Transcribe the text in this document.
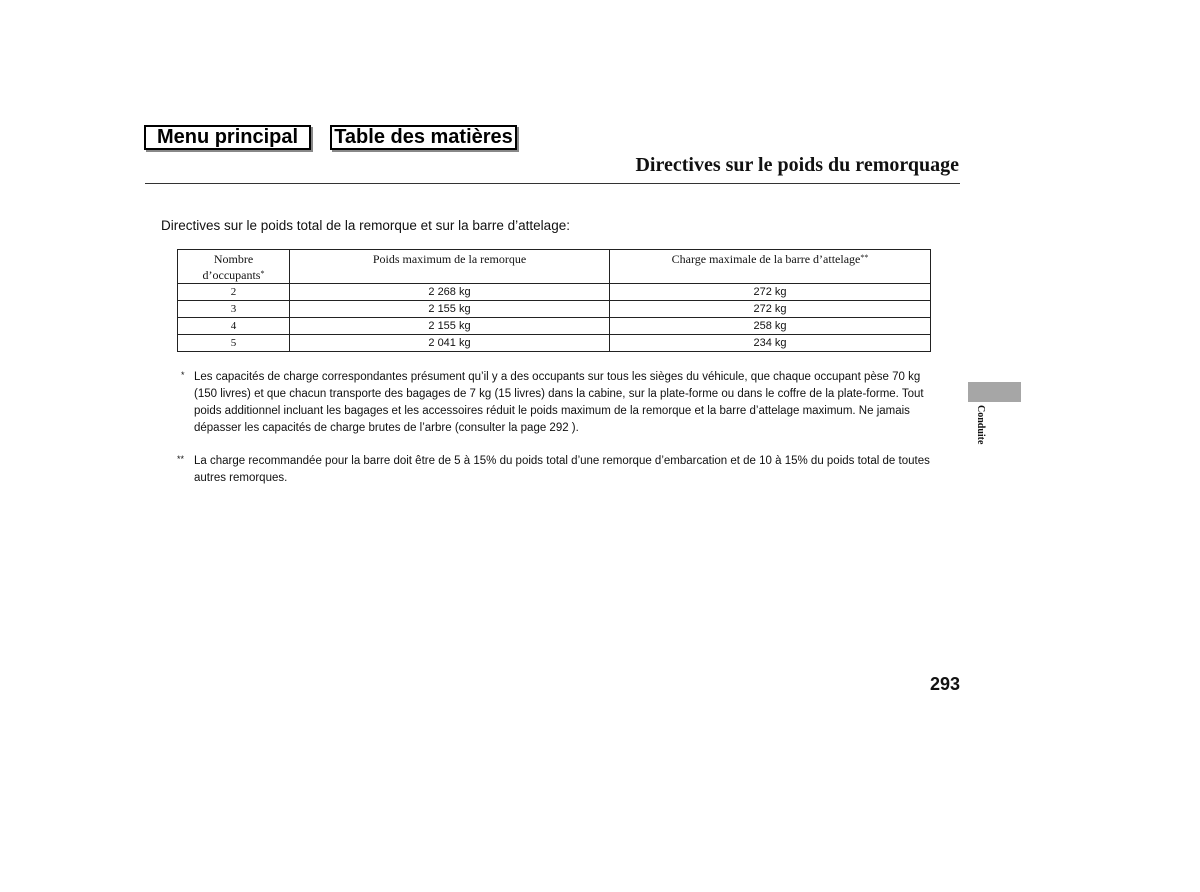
Menu principal	Table des matières
Directives sur le poids du remorquage
Directives sur le poids total de la remorque et sur la barre d’attelage:
Nombre
d’occupants*	Poids maximum de la remorque	Charge maximale de la barre d’attelage**
2	2 268 kg	272 kg
3	2 155 kg	272 kg
4	2 155 kg	258 kg
5	2 041 kg	234 kg
* Les capacités de charge correspondantes présument qu’il y a des occupants sur tous les sièges du véhicule, que chaque occupant pèse 70 kg (150 livres) et que chacun transporte des bagages de 7 kg (15 livres) dans la cabine, sur la plate-forme ou dans le coffre de la plate-forme. Tout poids additionnel incluant les bagages et les accessoires réduit le poids maximum de la remorque et la barre d’attelage maximum. Ne jamais dépasser les capacités de charge brutes de l’arbre (consulter la page 292 ).
** La charge recommandée pour la barre doit être de 5 à 15% du poids total d’une remorque d’embarcation et de 10 à 15% du poids total de toutes autres remorques.
Conduite
293
